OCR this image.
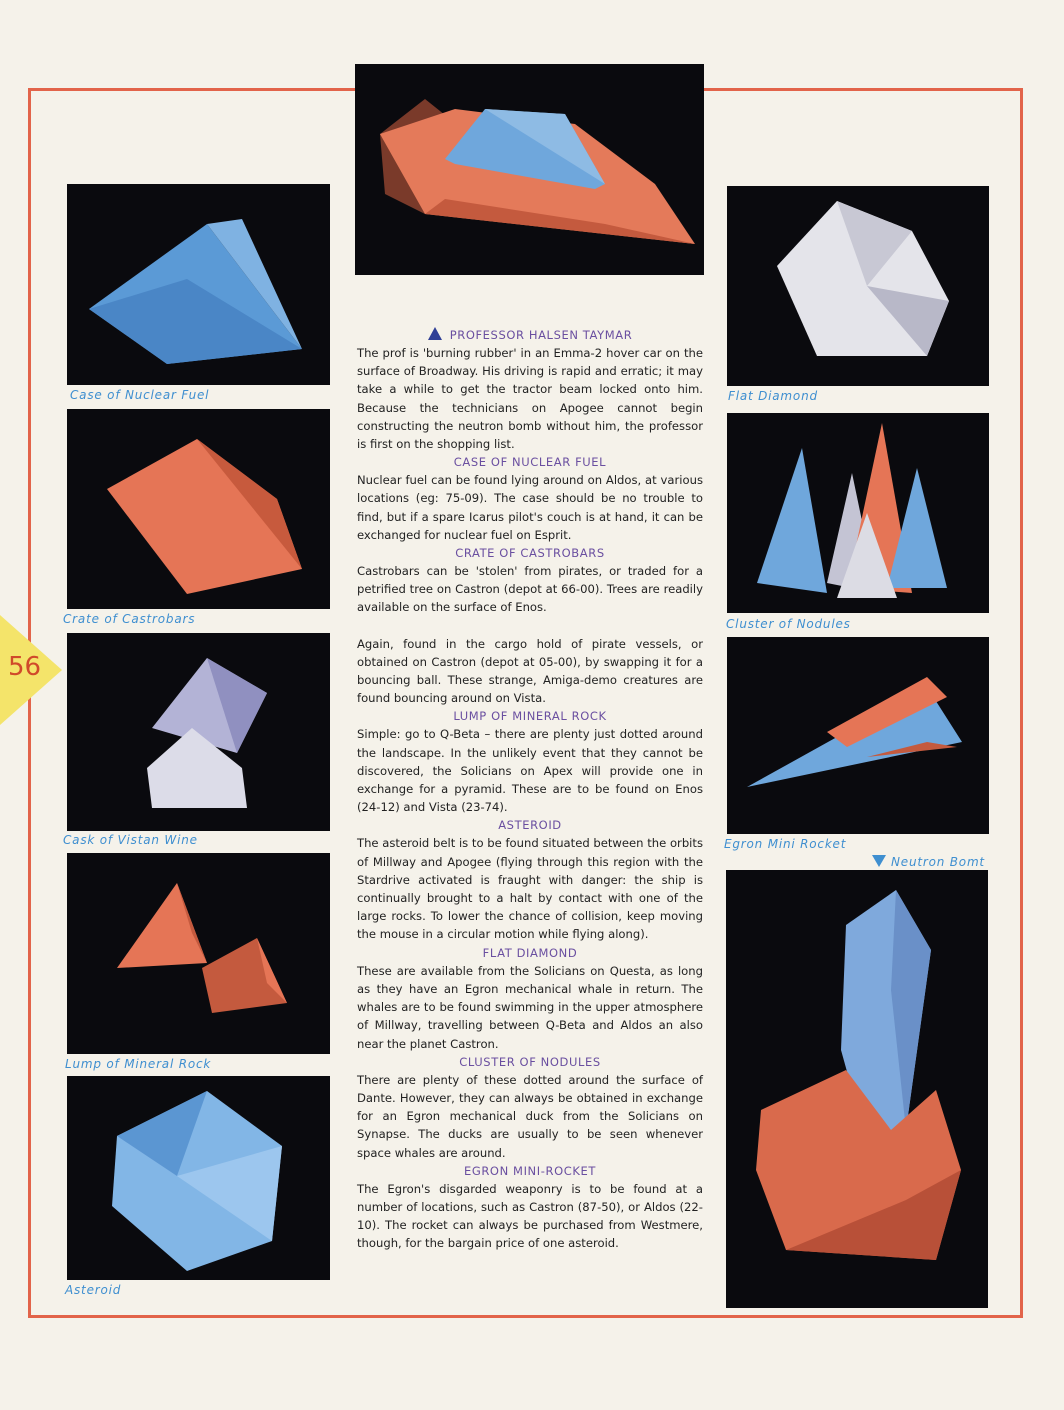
56
Case of Nuclear Fuel
Crate of Castrobars
Cask of Vistan Wine
Lump of Mineral Rock
Asteroid
Flat Diamond
Cluster of Nodules
Egron Mini Rocket
Neutron Bomt
PROFESSOR HALSEN TAYMAR
The prof is 'burning rubber' in an Emma-2 hover car on the surface of Broadway. His driving is rapid and erratic; it may take a while to get the tractor beam locked onto him. Because the technicians on Apogee cannot begin constructing the neutron bomb without him, the professor is first on the shopping list.
CASE OF NUCLEAR FUEL
Nuclear fuel can be found lying around on Aldos, at various locations (eg: 75-09). The case should be no trouble to find, but if a spare Icarus pilot's couch is at hand, it can be exchanged for nuclear fuel on Esprit.
CRATE OF CASTROBARS
Castrobars can be 'stolen' from pirates, or traded for a petrified tree on Castron (depot at 66-00). Trees are readily available on the surface of Enos.
Again, found in the cargo hold of pirate vessels, or obtained on Castron (depot at 05-00), by swapping it for a bouncing ball. These strange, Amiga-demo creatures are found bouncing around on Vista.
LUMP OF MINERAL ROCK
Simple: go to Q-Beta – there are plenty just dotted around the landscape. In the unlikely event that they cannot be discovered, the Solicians on Apex will provide one in exchange for a pyramid. These are to be found on Enos (24-12) and Vista (23-74).
ASTEROID
The asteroid belt is to be found situated between the orbits of Millway and Apogee (flying through this region with the Stardrive activated is fraught with danger: the ship is continually brought to a halt by contact with one of the large rocks. To lower the chance of collision, keep moving the mouse in a circular motion while flying along).
FLAT DIAMOND
These are available from the Solicians on Questa, as long as they have an Egron mechanical whale in return. The whales are to be found swimming in the upper atmosphere of Millway, travelling between Q-Beta and Aldos an also near the planet Castron.
CLUSTER OF NODULES
There are plenty of these dotted around the surface of Dante. However, they can always be obtained in exchange for an Egron mechanical duck from the Solicians on Synapse. The ducks are usually to be seen whenever space whales are around.
EGRON MINI-ROCKET
The Egron's disgarded weaponry is to be found at a number of locations, such as Castron (87-50), or Aldos (22-10). The rocket can always be purchased from Westmere, though, for the bargain price of one asteroid.
